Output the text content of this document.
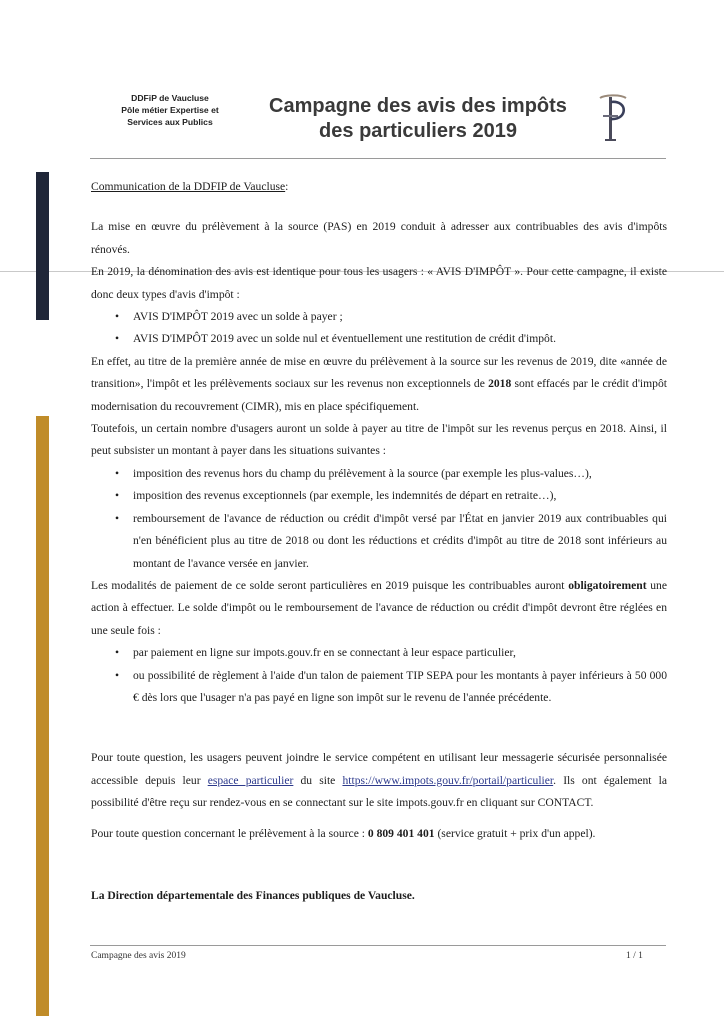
DDFiP de Vaucluse
Pôle métier Expertise et
Services aux Publics
Campagne des avis des impôts
des particuliers 2019

Communication de la DDFIP de Vaucluse:

La mise en œuvre du prélèvement à la source (PAS) en 2019 conduit à adresser aux contribuables des avis d'impôts rénovés.

En 2019, la dénomination des avis est identique pour tous les usagers : « AVIS D'IMPÔT ». Pour cette campagne, il existe donc deux types d'avis d'impôt :

• AVIS D'IMPÔT 2019 avec un solde à payer ;
• AVIS D'IMPÔT 2019 avec un solde nul et éventuellement une restitution de crédit d'impôt.

En effet, au titre de la première année de mise en œuvre du prélèvement à la source sur les revenus de 2019, dite «année de transition», l'impôt et les prélèvements sociaux sur les revenus non exceptionnels de 2018 sont effacés par le crédit d'impôt modernisation du recouvrement (CIMR), mis en place spécifiquement.

Toutefois, un certain nombre d'usagers auront un solde à payer au titre de l'impôt sur les revenus perçus en 2018. Ainsi, il peut subsister un montant à payer dans les situations suivantes :

• imposition des revenus hors du champ du prélèvement à la source (par exemple les plus-values…),
• imposition des revenus exceptionnels (par exemple, les indemnités de départ en retraite…),
• remboursement de l'avance de réduction ou crédit d'impôt versé par l'État en janvier 2019 aux contribuables qui n'en bénéficient plus au titre de 2018 ou dont les réductions et crédits d'impôt au titre de 2018 sont inférieurs au montant de l'avance versée en janvier.

Les modalités de paiement de ce solde seront particulières en 2019 puisque les contribuables auront obligatoirement une action à effectuer. Le solde d'impôt ou le remboursement de l'avance de réduction ou crédit d'impôt devront être réglées en une seule fois :

• par paiement en ligne sur impots.gouv.fr en se connectant à leur espace particulier,
• ou possibilité de règlement à l'aide d'un talon de paiement TIP SEPA pour les montants à payer inférieurs à 50 000 € dès lors que l'usager n'a pas payé en ligne son impôt sur le revenu de l'année précédente.

Pour toute question, les usagers peuvent joindre le service compétent en utilisant leur messagerie sécurisée personnalisée accessible depuis leur espace particulier du site https://www.impots.gouv.fr/portail/particulier. Ils ont également la possibilité d'être reçu sur rendez-vous en se connectant sur le site impots.gouv.fr en cliquant sur CONTACT.

Pour toute question concernant le prélèvement à la source : 0 809 401 401 (service gratuit + prix d'un appel).

La Direction départementale des Finances publiques de Vaucluse.

Campagne des avis 2019	1 / 1
